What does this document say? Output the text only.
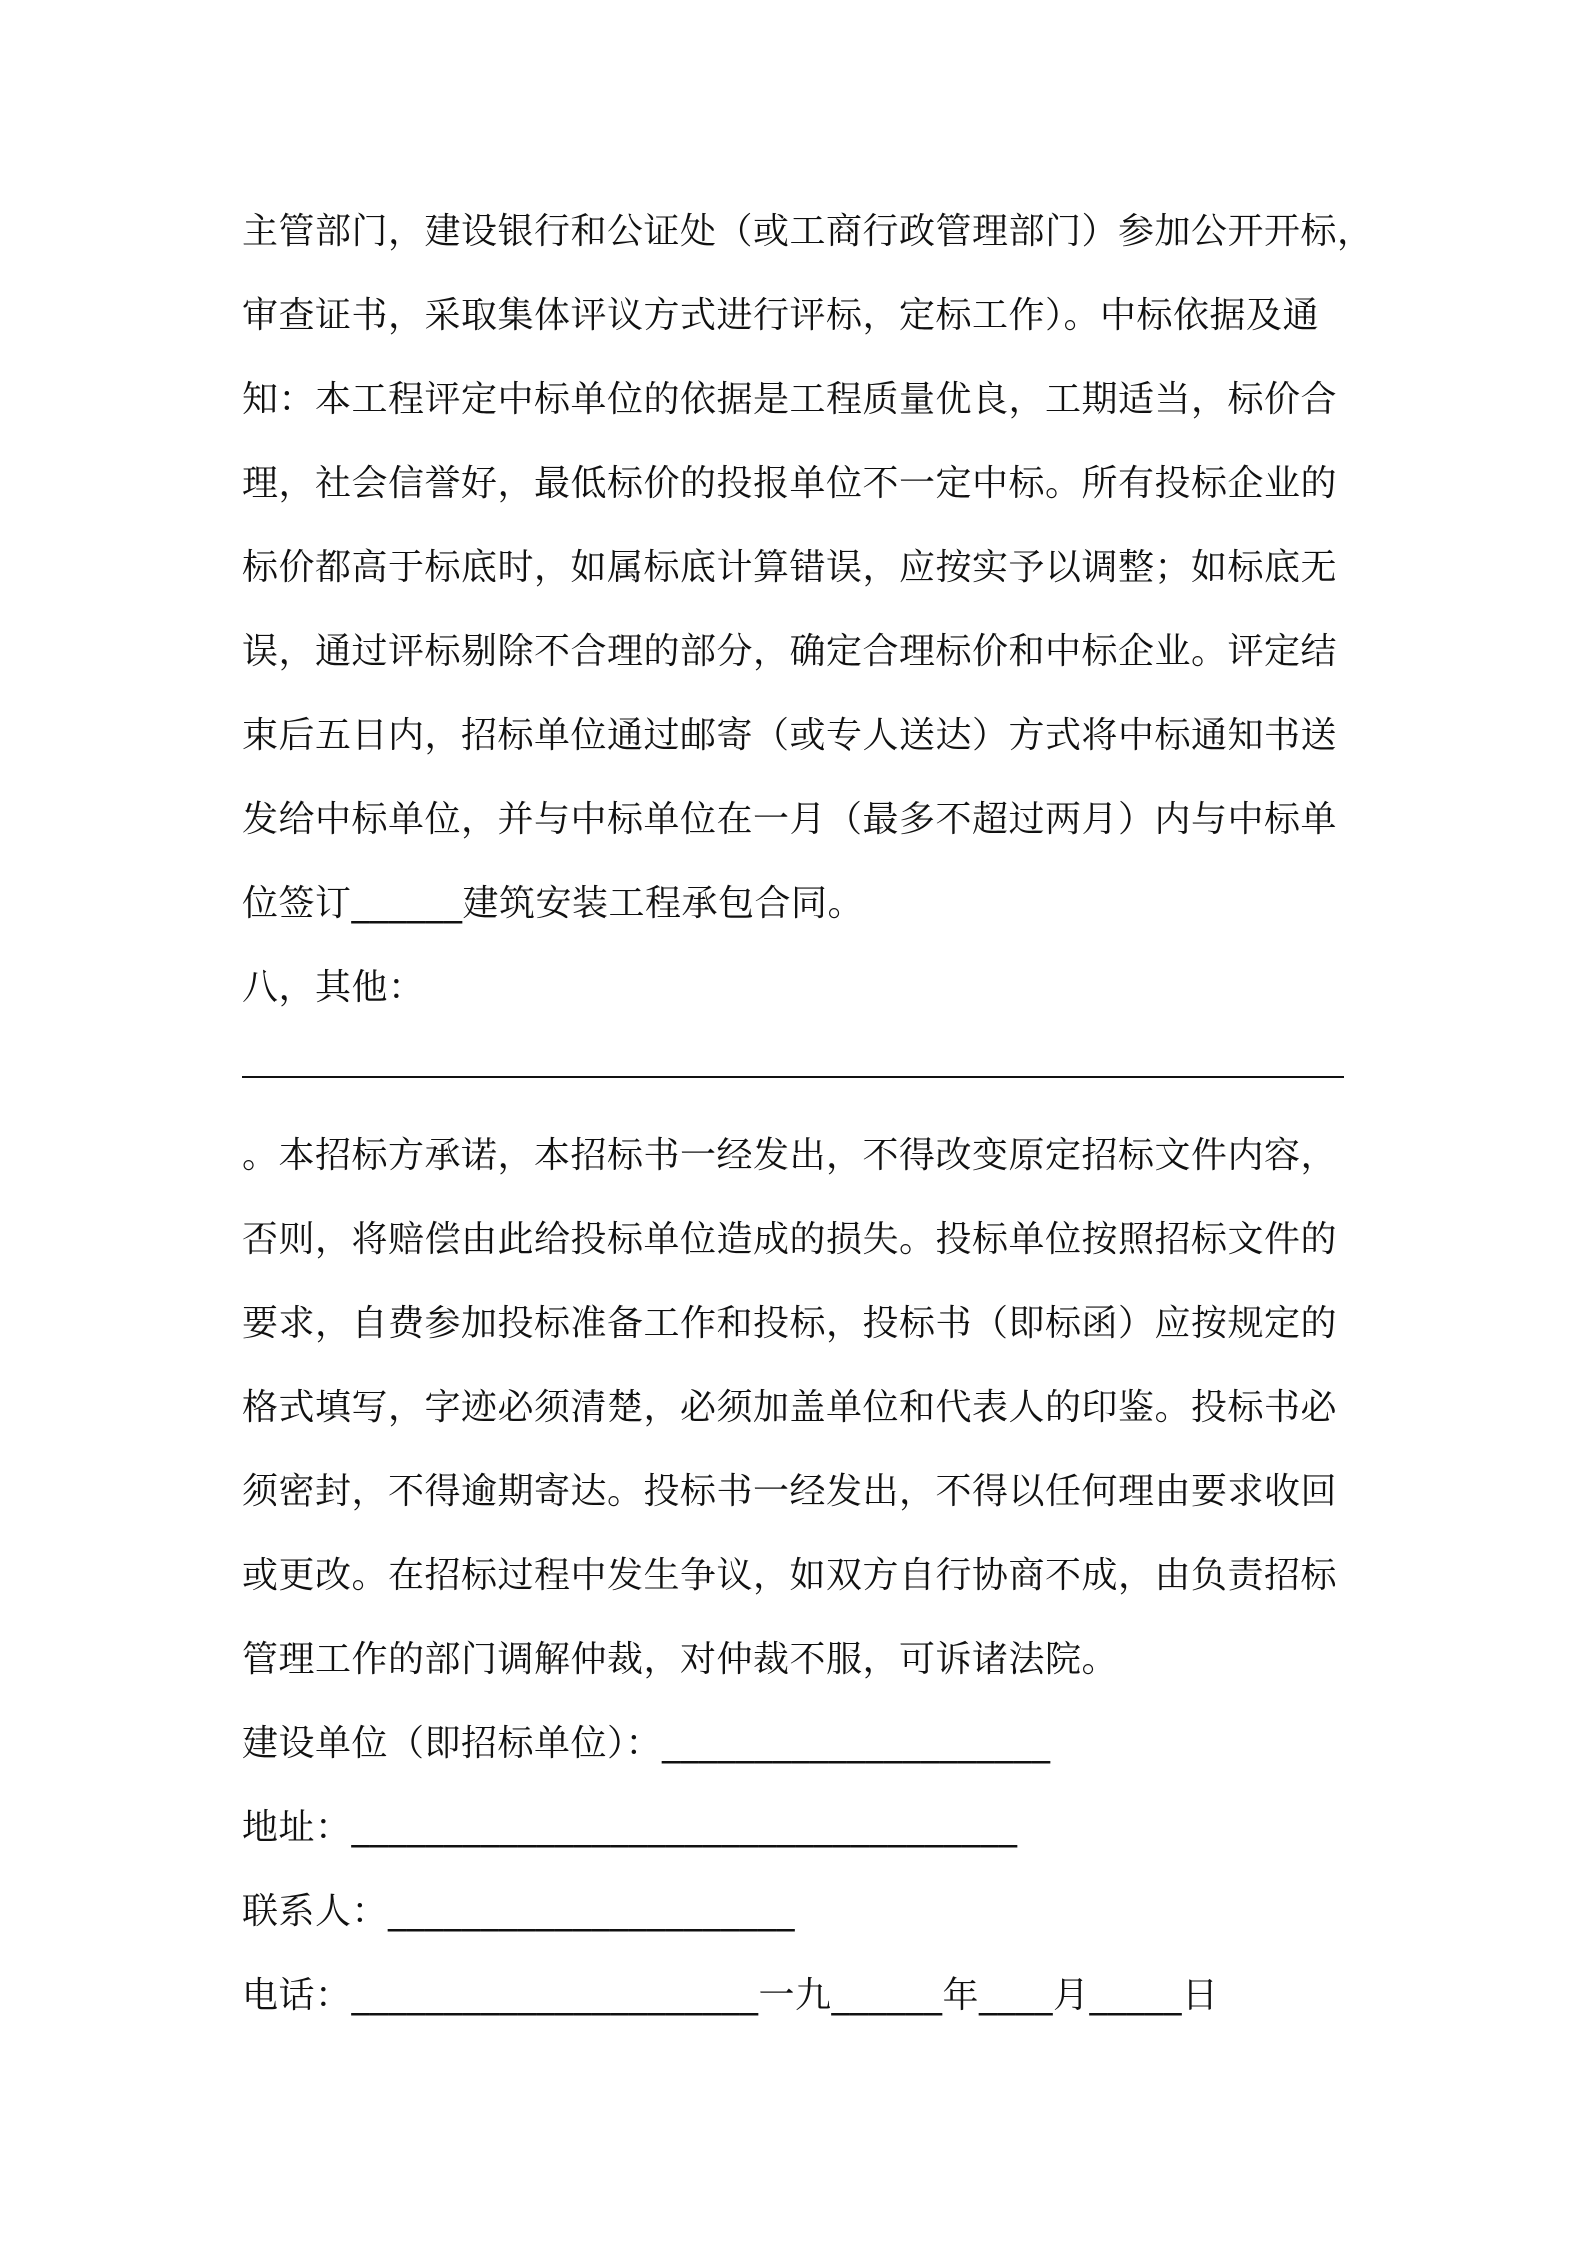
主管部门，建设银行和公证处（或工商行政管理部门）参加公开开标，
审查证书，采取集体评议方式进行评标，定标工作）。中标依据及通
知：本工程评定中标单位的依据是工程质量优良，工期适当，标价合
理，社会信誉好，最低标价的投报单位不一定中标。所有投标企业的
标价都高于标底时，如属标底计算错误，应按实予以调整；如标底无
误，通过评标剔除不合理的部分，确定合理标价和中标企业。评定结
束后五日内，招标单位通过邮寄（或专人送达）方式将中标通知书送
发给中标单位，并与中标单位在一月（最多不超过两月）内与中标单
位签订______建筑安装工程承包合同。
八，其他：
。本招标方承诺，本招标书一经发出，不得改变原定招标文件内容，
否则，将赔偿由此给投标单位造成的损失。投标单位按照招标文件的
要求，自费参加投标准备工作和投标，投标书（即标函）应按规定的
格式填写，字迹必须清楚，必须加盖单位和代表人的印鉴。投标书必
须密封，不得逾期寄达。投标书一经发出，不得以任何理由要求收回
或更改。在招标过程中发生争议，如双方自行协商不成，由负责招标
管理工作的部门调解仲裁，对仲裁不服，可诉诸法院。
建设单位（即招标单位）：_____________________
地址：____________________________________
联系人：______________________
电话：______________________一九______年____月_____日
